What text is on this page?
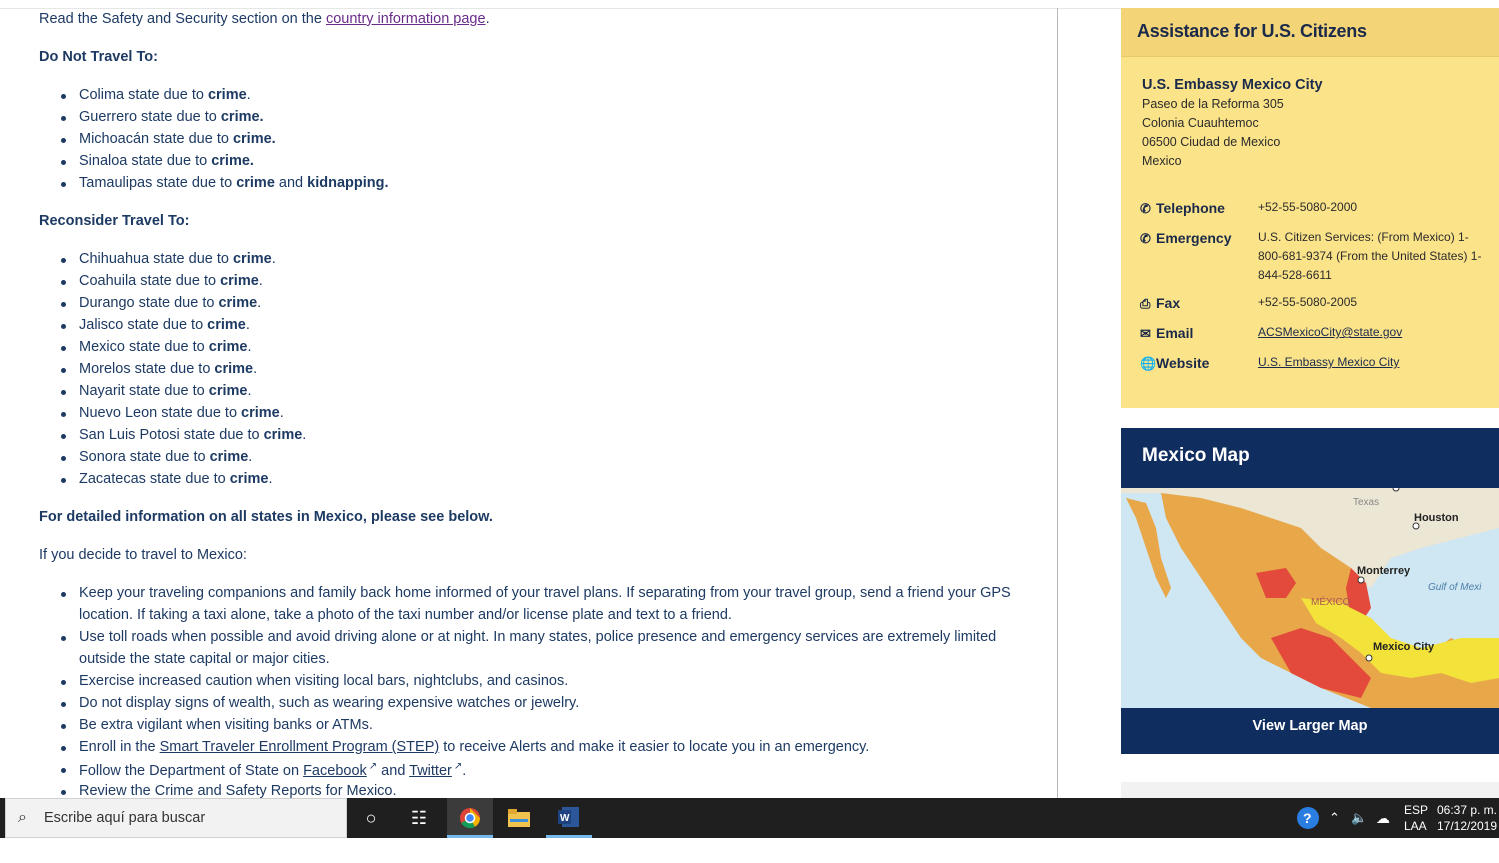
Read the Safety and Security section on the country information page.

Do Not Travel To:

Colima state due to crime.
Guerrero state due to crime.
Michoacán state due to crime.
Sinaloa state due to crime.
Tamaulipas state due to crime and kidnapping.

Reconsider Travel To:

Chihuahua state due to crime.
Coahuila state due to crime.
Durango state due to crime.
Jalisco state due to crime.
Mexico state due to crime.
Morelos state due to crime.
Nayarit state due to crime.
Nuevo Leon state due to crime.
San Luis Potosi state due to crime.
Sonora state due to crime.
Zacatecas state due to crime.

For detailed information on all states in Mexico, please see below.

If you decide to travel to Mexico:

Keep your traveling companions and family back home informed of your travel plans. If separating from your travel group, send a friend your GPS
location. If taking a taxi alone, take a photo of the taxi number and/or license plate and text to a friend.
Use toll roads when possible and avoid driving alone or at night. In many states, police presence and emergency services are extremely limited
outside the state capital or major cities.
Exercise increased caution when visiting local bars, nightclubs, and casinos.
Do not display signs of wealth, such as wearing expensive watches or jewelry.
Be extra vigilant when visiting banks or ATMs.
Enroll in the Smart Traveler Enrollment Program (STEP) to receive Alerts and make it easier to locate you in an emergency.
Follow the Department of State on Facebook ↗ and Twitter ↗.
Review the Crime and Safety Reports for Mexico.
Assistance for U.S. Citizens
U.S. Embassy Mexico City
Paseo de la Reforma 305
Colonia Cuauhtemoc
06500 Ciudad de Mexico
Mexico
✆ Telephone	+52-55-5080-2000
✆ Emergency U.S. Citizen Services: (From Mexico) 1-
800-681-9374 (From the United States) 1-
844-528-6611
⎙ Fax	+52-55-5080-2005
✉ Email	ACSMexicoCity@state.gov
🌐Website	U.S. Embassy Mexico City
Mexico Map
Texas
Houston
Monterrey
Gulf of Mexi
MÉXICO
Mexico City
View Larger Map
⌕ Escribe aquí para buscar	○	☷	W	? ⌃ 🔈 ☁ ESP
LAA
06:37 p. m.
17/12/2019
